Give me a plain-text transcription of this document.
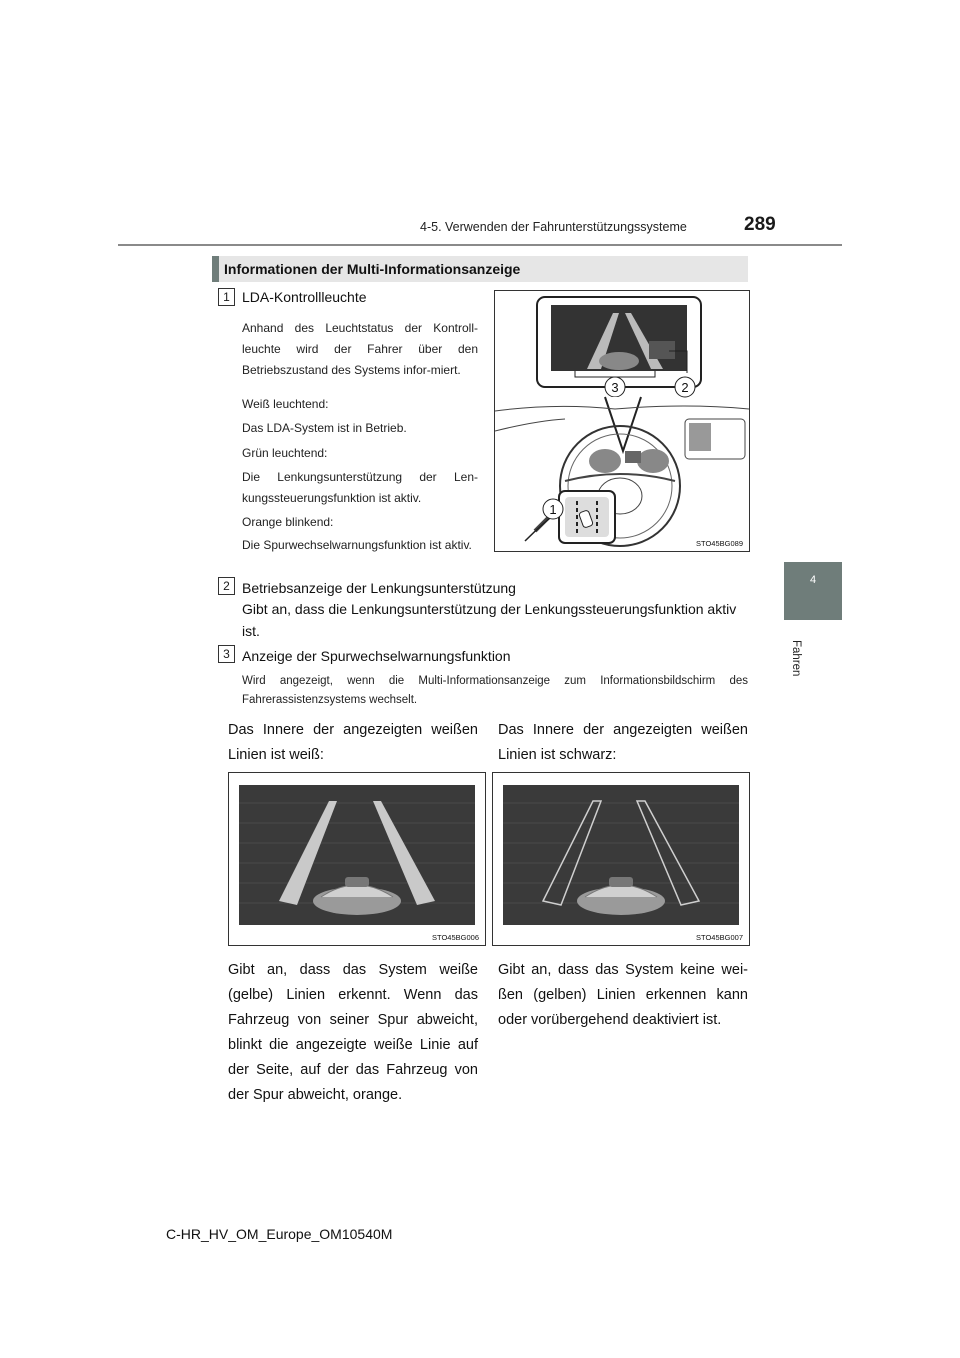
4-5. Verwenden der Fahrunterstützungssysteme	289
4
Fahren
Informationen der Multi-Informationsanzeige
1 LDA-Kontrollleuchte
Anhand des Leuchtstatus der Kontroll-leuchte wird der Fahrer über den Betriebszustand des Systems infor-miert.
Weiß leuchtend:
Das LDA-System ist in Betrieb.
Grün leuchtend:
Die Lenkungsunterstützung der Len-kungssteuerungsfunktion ist aktiv.
Orange blinkend:
Die Spurwechselwarnungsfunktion ist aktiv.
3	2
1
STO45BG089
2 Betriebsanzeige der Lenkungsunterstützung
Gibt an, dass die Lenkungsunterstützung der Lenkungssteuerungsfunktion aktiv ist.
3 Anzeige der Spurwechselwarnungsfunktion
Wird angezeigt, wenn die Multi-Informationsanzeige zum Informationsbildschirm des Fahrerassistenzsystems wechselt.
Das Innere der angezeigten weißen Linien ist weiß:
Das Innere der angezeigten weißen Linien ist schwarz:
STO45BG006	STO45BG007
Gibt an, dass das System weiße (gelbe) Linien erkennt. Wenn das Fahrzeug von seiner Spur abweicht, blinkt die angezeigte weiße Linie auf der Seite, auf der das Fahrzeug von der Spur abweicht, orange.
Gibt an, dass das System keine wei-ßen (gelben) Linien erkennen kann oder vorübergehend deaktiviert ist.
C-HR_HV_OM_Europe_OM10540M
